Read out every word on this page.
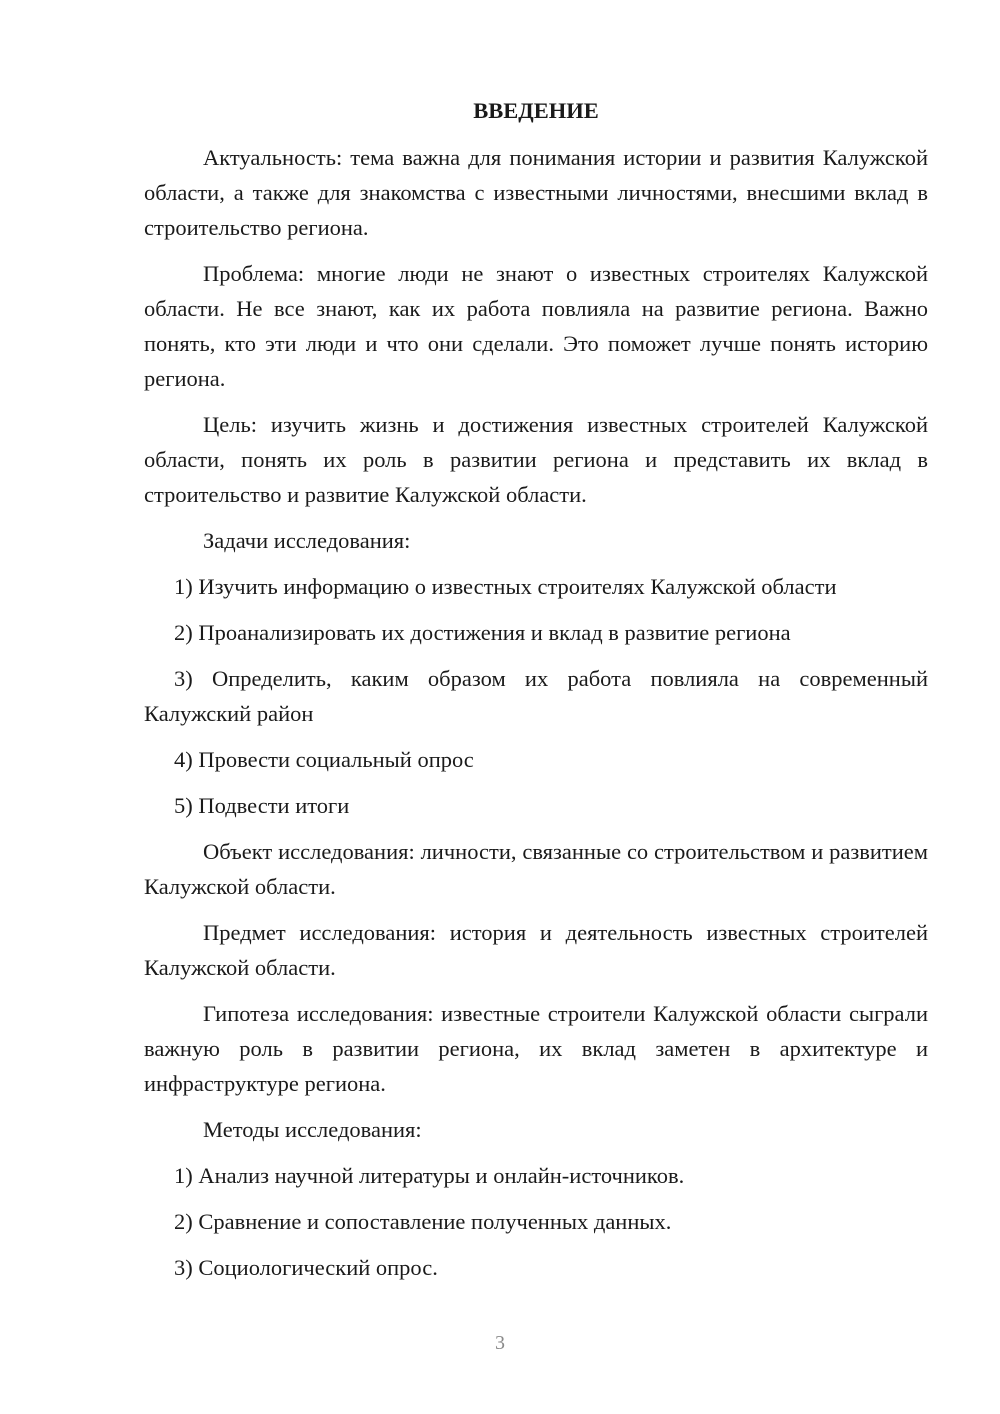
ВВЕДЕНИЕ

Актуальность: тема важна для понимания истории и развития Калужской области, а также для знакомства с известными личностями, внесшими вклад в строительство региона.

Проблема: многие люди не знают о известных строителях Калужской области. Не все знают, как их работа повлияла на развитие региона. Важно понять, кто эти люди и что они сделали. Это поможет лучше понять историю региона.

Цель: изучить жизнь и достижения известных строителей Калужской области, понять их роль в развитии региона и представить их вклад в строительство и развитие Калужской области.

Задачи исследования:

1) Изучить информацию о известных строителях Калужской области

2) Проанализировать их достижения и вклад в развитие региона

3) Определить, каким образом их работа повлияла на современный Калужский район

4) Провести социальный опрос

5) Подвести итоги

Объект исследования: личности, связанные со строительством и развитием Калужской области.

Предмет исследования: история и деятельность известных строителей Калужской области.

Гипотеза исследования: известные строители Калужской области сыграли важную роль в развитии региона, их вклад заметен в архитектуре и инфраструктуре региона.

Методы исследования:

1) Анализ научной литературы и онлайн-источников.

2) Сравнение и сопоставление полученных данных.

3) Социологический опрос.

3
